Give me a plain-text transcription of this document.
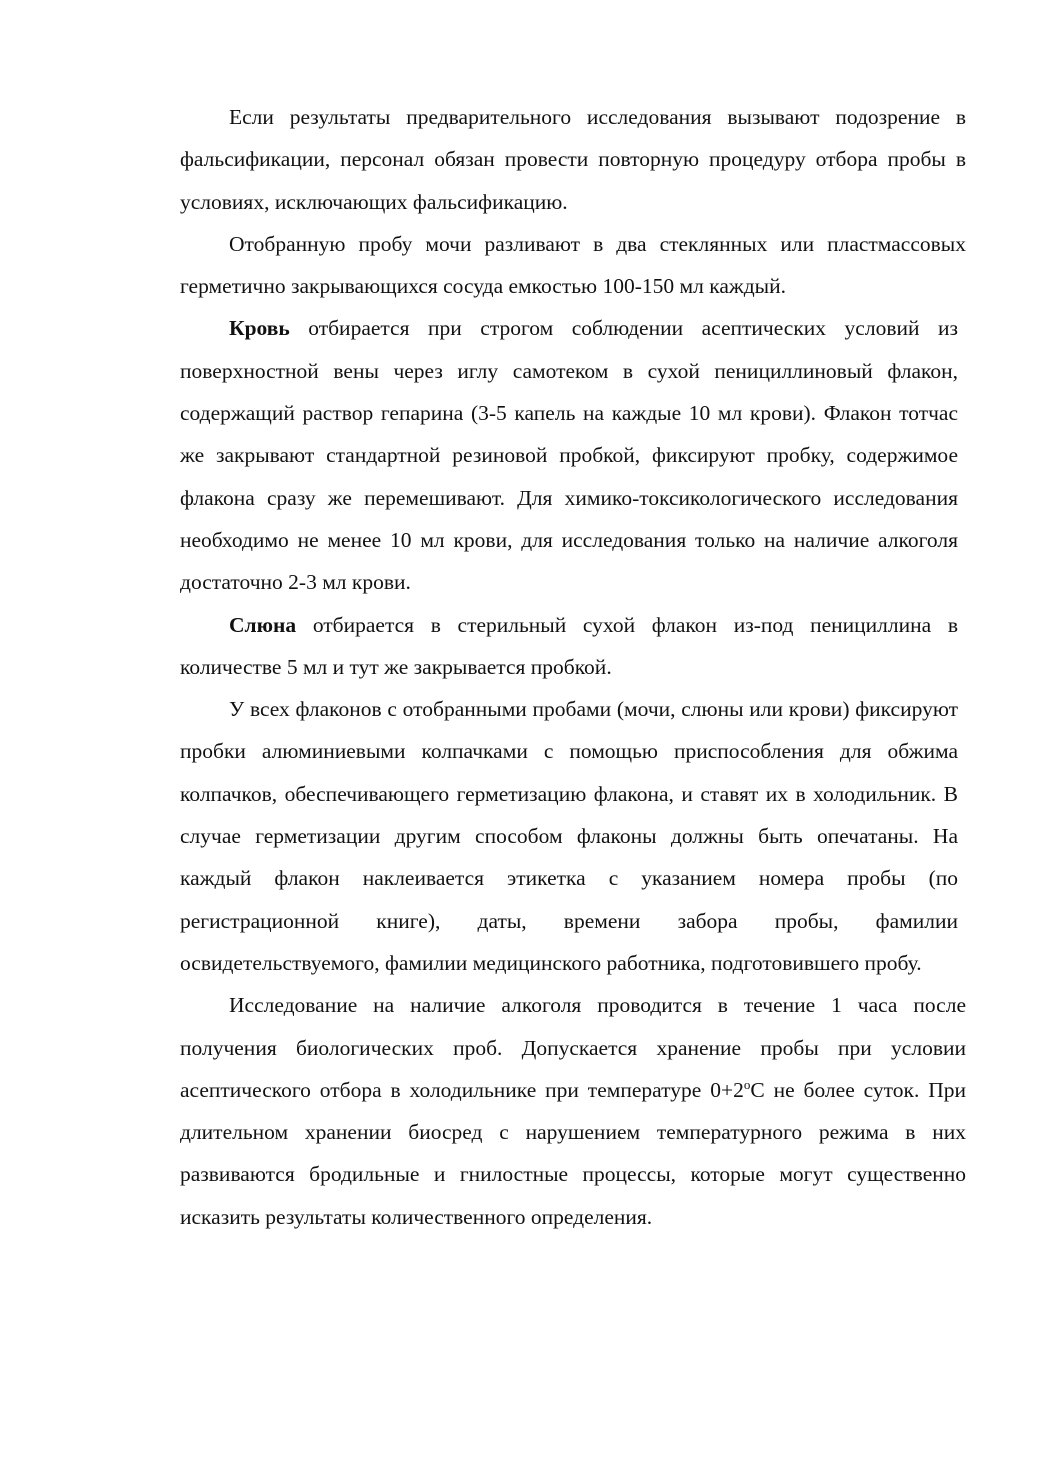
Если результаты предварительного исследования вызывают подозрение в фальсификации, персонал обязан провести повторную процедуру отбора пробы в условиях, исключающих фальсификацию.

Отобранную пробу мочи разливают в два стеклянных или пластмассовых герметично закрывающихся сосуда емкостью 100-150 мл каждый.

Кровь отбирается при строгом соблюдении асептических условий из поверхностной вены через иглу самотеком в сухой пенициллиновый флакон, содержащий раствор гепарина (3-5 капель на каждые 10 мл крови). Флакон тотчас же закрывают стандартной резиновой пробкой, фиксируют пробку, содержимое флакона сразу же перемешивают. Для химико-токсикологического исследования необходимо не менее 10 мл крови, для исследования только на наличие алкоголя достаточно 2-3 мл крови.

Слюна отбирается в стерильный сухой флакон из-под пенициллина в количестве 5 мл и тут же закрывается пробкой.

У всех флаконов с отобранными пробами (мочи, слюны или крови) фиксируют пробки алюминиевыми колпачками с помощью приспособления для обжима колпачков, обеспечивающего герметизацию флакона, и ставят их в холодильник. В случае герметизации другим способом флаконы должны быть опечатаны. На каждый флакон наклеивается этикетка с указанием номера пробы (по регистрационной книге), даты, времени забора пробы, фамилии освидетельствуемого, фамилии медицинского работника, подготовившего пробу.

Исследование на наличие алкоголя проводится в течение 1 часа после получения биологических проб. Допускается хранение пробы при условии асептического отбора в холодильнике при температуре $0+2^оС$ не более суток. При длительном хранении биосред с нарушением температурного режима в них развиваются бродильные и гнилостные процессы, которые могут существенно исказить результаты количественного определения.
